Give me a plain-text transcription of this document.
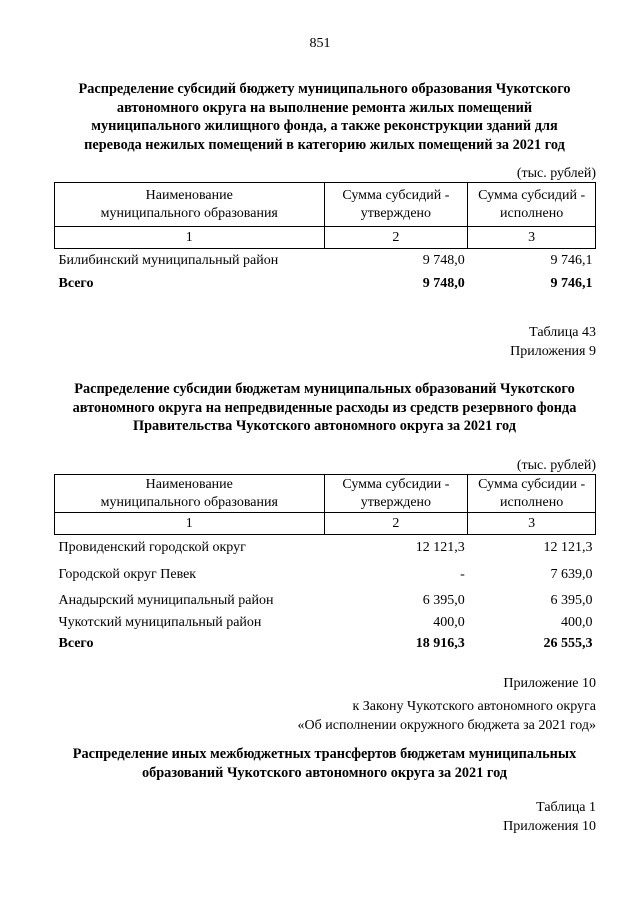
851
Распределение субсидий бюджету муниципального образования Чукотского
автономного округа на выполнение ремонта жилых помещений
муниципального жилищного фонда, а также реконструкции зданий для
перевода нежилых помещений в категорию жилых помещений за 2021 год
(тыс. рублей)
Наименование муниципального образования	Сумма субсидий - утверждено	Сумма субсидий - исполнено
1	2	3
Билибинский муниципальный район	9 748,0	9 746,1
Всего	9 748,0	9 746,1
Таблица 43
Приложения 9
Распределение субсидии бюджетам муниципальных образований Чукотского
автономного округа на непредвиденные расходы из средств резервного фонда
Правительства Чукотского автономного округа за 2021 год
(тыс. рублей)
Наименование муниципального образования	Сумма субсидии - утверждено	Сумма субсидии - исполнено
1	2	3
Провиденский городской округ	12 121,3	12 121,3
Городской округ Певек	-	7 639,0
Анадырский муниципальный район	6 395,0	6 395,0
Чукотский муниципальный район	400,0	400,0
Всего	18 916,3	26 555,3
Приложение 10
к Закону Чукотского автономного округа
«Об исполнении окружного бюджета за 2021 год»
Распределение иных межбюджетных трансфертов бюджетам муниципальных
образований Чукотского автономного округа за 2021 год
Таблица 1
Приложения 10
